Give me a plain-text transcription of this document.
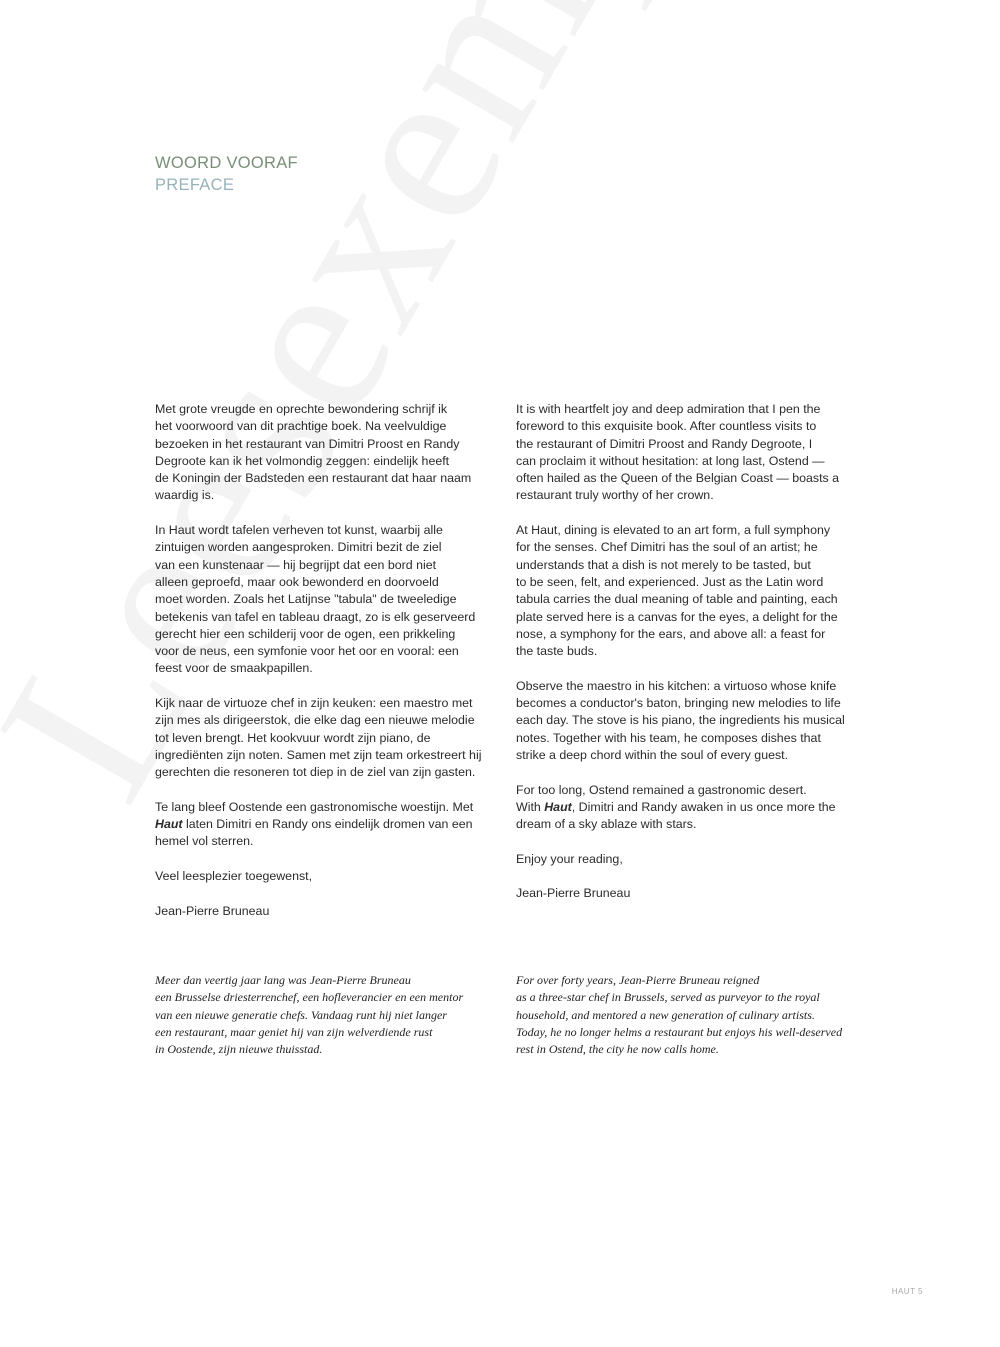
WOORD VOORAF
PREFACE

Met grote vreugde en oprechte bewondering schrijf ik
het voorwoord van dit prachtige boek. Na veelvuldige
bezoeken in het restaurant van Dimitri Proost en Randy
Degroote kan ik het volmondig zeggen: eindelijk heeft
de Koningin der Badsteden een restaurant dat haar naam
waardig is.

In Haut wordt tafelen verheven tot kunst, waarbij alle
zintuigen worden aangesproken. Dimitri bezit de ziel
van een kunstenaar — hij begrijpt dat een bord niet
alleen geproefd, maar ook bewonderd en doorvoeld
moet worden. Zoals het Latijnse "tabula" de tweeledige
betekenis van tafel en tableau draagt, zo is elk geserveerd
gerecht hier een schilderij voor de ogen, een prikkeling
voor de neus, een symfonie voor het oor en vooral: een
feest voor de smaakpapillen.

Kijk naar de virtuoze chef in zijn keuken: een maestro met
zijn mes als dirigeerstok, die elke dag een nieuwe melodie
tot leven brengt. Het kookvuur wordt zijn piano, de
ingrediënten zijn noten. Samen met zijn team orkestreert hij
gerechten die resoneren tot diep in de ziel van zijn gasten.

Te lang bleef Oostende een gastronomische woestijn. Met
Haut laten Dimitri en Randy ons eindelijk dromen van een
hemel vol sterren.

Veel leesplezier toegewenst,

Jean-Pierre Bruneau

It is with heartfelt joy and deep admiration that I pen the
foreword to this exquisite book. After countless visits to
the restaurant of Dimitri Proost and Randy Degroote, I
can proclaim it without hesitation: at long last, Ostend —
often hailed as the Queen of the Belgian Coast — boasts a
restaurant truly worthy of her crown.

At Haut, dining is elevated to an art form, a full symphony
for the senses. Chef Dimitri has the soul of an artist; he
understands that a dish is not merely to be tasted, but
to be seen, felt, and experienced. Just as the Latin word
tabula carries the dual meaning of table and painting, each
plate served here is a canvas for the eyes, a delight for the
nose, a symphony for the ears, and above all: a feast for
the taste buds.

Observe the maestro in his kitchen: a virtuoso whose knife
becomes a conductor's baton, bringing new melodies to life
each day. The stove is his piano, the ingredients his musical
notes. Together with his team, he composes dishes that
strike a deep chord within the soul of every guest.

For too long, Ostend remained a gastronomic desert.
With Haut, Dimitri and Randy awaken in us once more the
dream of a sky ablaze with stars.

Enjoy your reading,

Jean-Pierre Bruneau

Meer dan veertig jaar lang was Jean-Pierre Bruneau
een Brusselse driesterrenchef, een hofleverancier en een mentor
van een nieuwe generatie chefs. Vandaag runt hij niet langer
een restaurant, maar geniet hij van zijn welverdiende rust
in Oostende, zijn nieuwe thuisstad.
For over forty years, Jean-Pierre Bruneau reigned
as a three-star chef in Brussels, served as purveyor to the royal
household, and mentored a new generation of culinary artists.
Today, he no longer helms a restaurant but enjoys his well-deserved
rest in Ostend, the city he now calls home.
HAUT 5
